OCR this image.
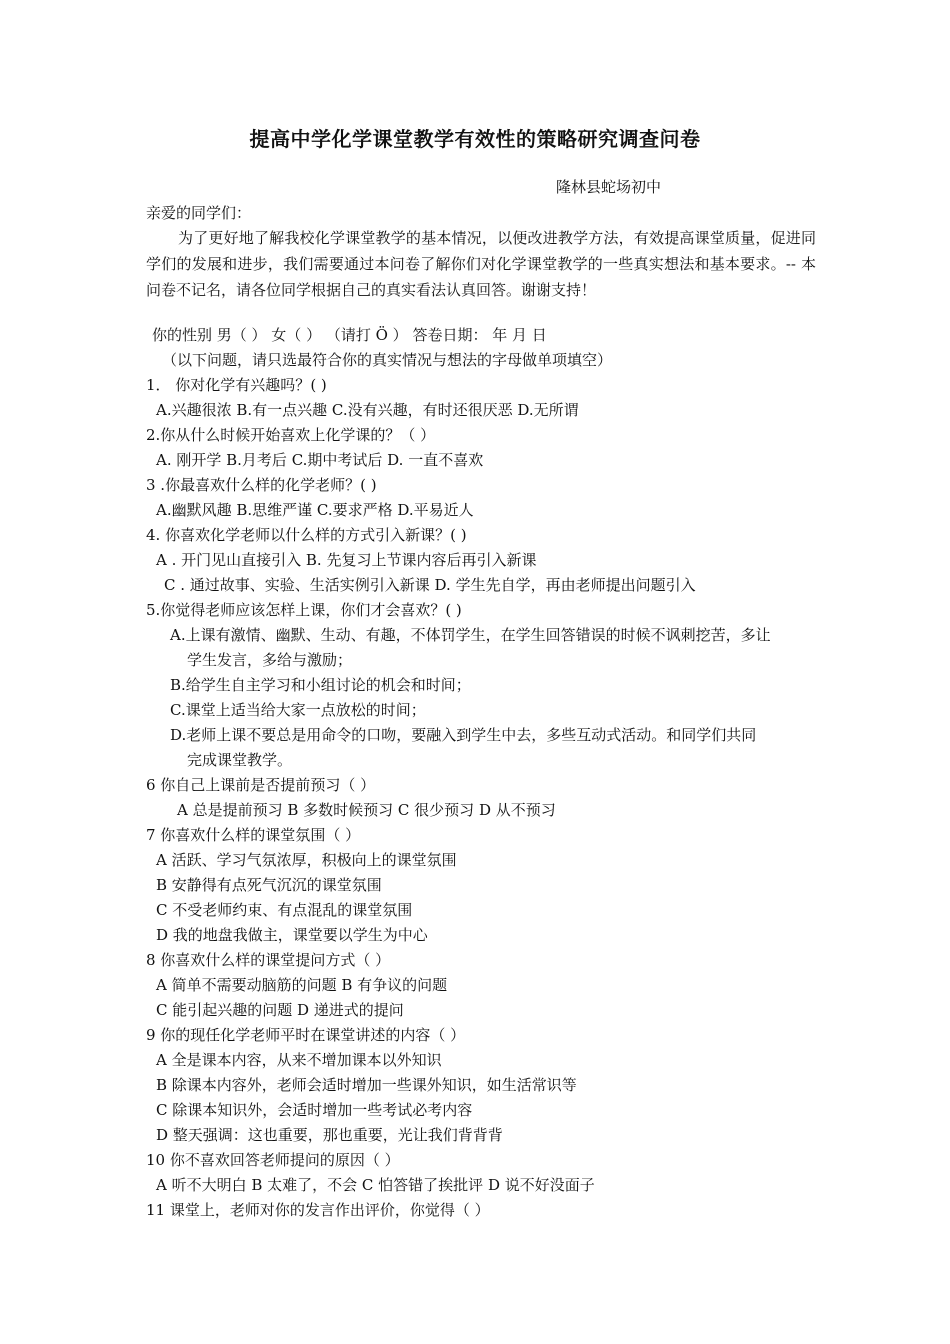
提高中学化学课堂教学有效性的策略研究调查问卷
隆林县蛇场初中
亲爱的同学们：
为了更好地了解我校化学课堂教学的基本情况，以便改进教学方法，有效提高课堂质量，促进同学们的发展和进步，我们需要通过本问卷了解你们对化学课堂教学的一些真实想法和基本要求。-- 本问卷不记名，请各位同学根据自己的真实看法认真回答。谢谢支持！
你的性别 男（ ） 女（ ） （请打 Ö ） 答卷日期： 年 月 日
（以下问题，请只选最符合你的真实情况与想法的字母做单项填空）
1． 你对化学有兴趣吗？( )
A.兴趣很浓 B.有一点兴趣 C.没有兴趣，有时还很厌恶 D.无所谓
2.你从什么时候开始喜欢上化学课的？（ ）
A. 刚开学 B.月考后 C.期中考试后 D. 一直不喜欢
3 .你最喜欢什么样的化学老师？( )
A.幽默风趣 B.思维严谨 C.要求严格 D.平易近人
4. 你喜欢化学老师以什么样的方式引入新课？( )
A . 开门见山直接引入 B. 先复习上节课内容后再引入新课
C . 通过故事、实验、生活实例引入新课 D. 学生先自学，再由老师提出问题引入
5.你觉得老师应该怎样上课，你们才会喜欢？( )
A.上课有激情、幽默、生动、有趣，不体罚学生，在学生回答错误的时候不讽刺挖苦，多让
学生发言，多给与激励；
B.给学生自主学习和小组讨论的机会和时间；
C.课堂上适当给大家一点放松的时间；
D.老师上课不要总是用命令的口吻，要融入到学生中去，多些互动式活动。和同学们共同
完成课堂教学。
6 你自己上课前是否提前预习（ ）
A 总是提前预习 B 多数时候预习 C 很少预习 D 从不预习
7 你喜欢什么样的课堂氛围（ ）
A 活跃、学习气氛浓厚，积极向上的课堂氛围
B 安静得有点死气沉沉的课堂氛围
C 不受老师约束、有点混乱的课堂氛围
D 我的地盘我做主，课堂要以学生为中心
8 你喜欢什么样的课堂提问方式（ ）
A 简单不需要动脑筋的问题 B 有争议的问题
C 能引起兴趣的问题 D 递进式的提问
9 你的现任化学老师平时在课堂讲述的内容（ ）
A 全是课本内容，从来不增加课本以外知识
B 除课本内容外，老师会适时增加一些课外知识，如生活常识等
C 除课本知识外，会适时增加一些考试必考内容
D 整天强调：这也重要，那也重要，光让我们背背背
10 你不喜欢回答老师提问的原因（ ）
A 听不大明白 B 太难了，不会 C 怕答错了挨批评 D 说不好没面子
11 课堂上，老师对你的发言作出评价，你觉得（ ）
